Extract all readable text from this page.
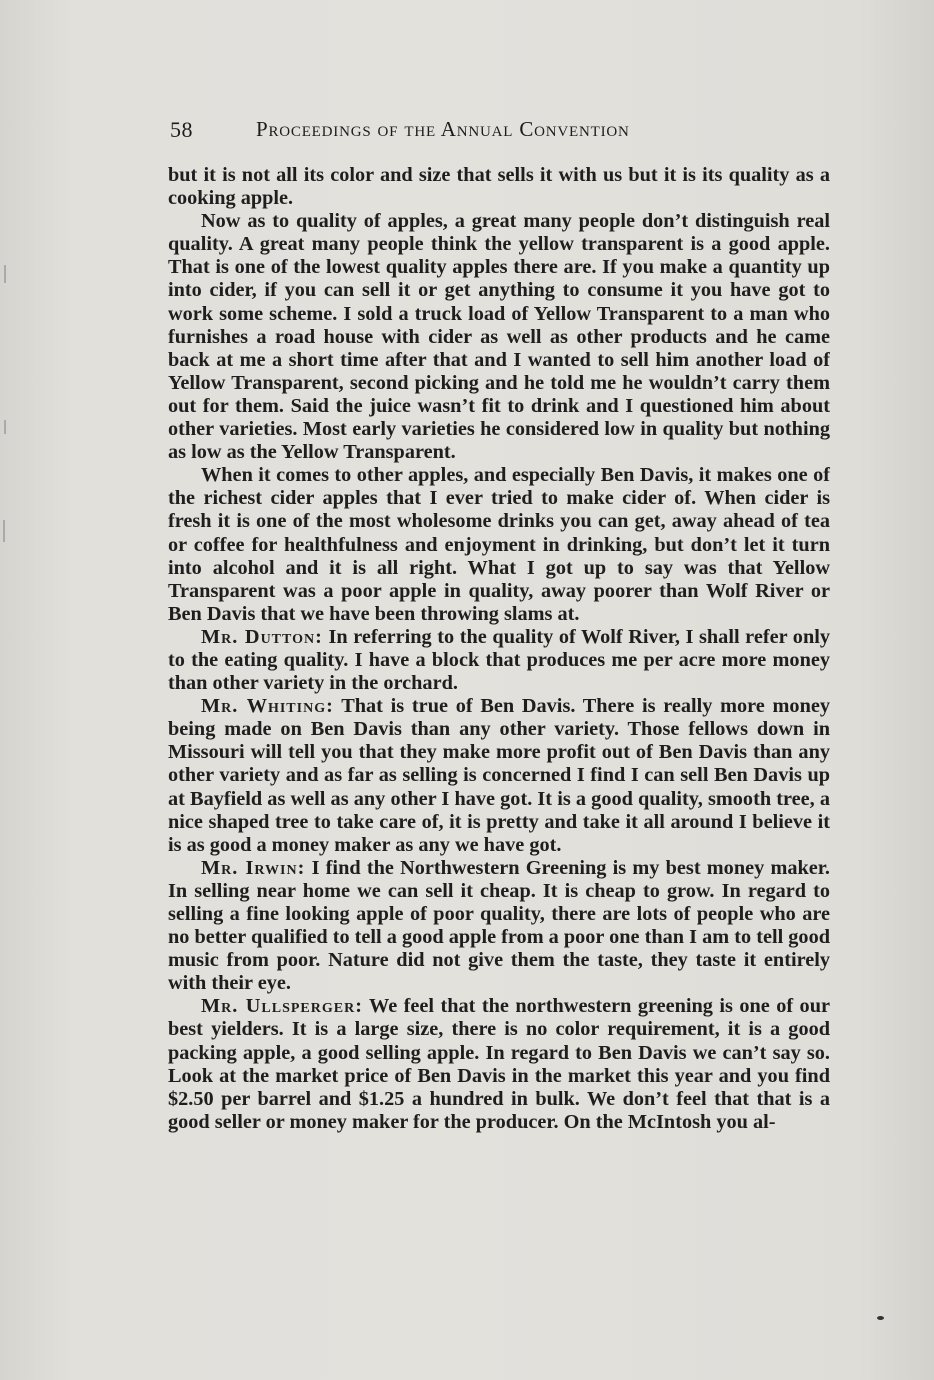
58	Proceedings of the Annual Convention

but it is not all its color and size that sells it with us but it is its quality as a cooking apple.

Now as to quality of apples, a great many people don’t distinguish real quality. A great many people think the yellow transparent is a good apple. That is one of the lowest quality apples there are. If you make a quantity up into cider, if you can sell it or get anything to consume it you have got to work some scheme. I sold a truck load of Yellow Transparent to a man who furnishes a road house with cider as well as other products and he came back at me a short time after that and I wanted to sell him another load of Yellow Transparent, second picking and he told me he wouldn’t carry them out for them. Said the juice wasn’t fit to drink and I questioned him about other varieties. Most early varieties he considered low in quality but nothing as low as the Yellow Transparent.

When it comes to other apples, and especially Ben Davis, it makes one of the richest cider apples that I ever tried to make cider of. When cider is fresh it is one of the most wholesome drinks you can get, away ahead of tea or coffee for healthfulness and enjoyment in drinking, but don’t let it turn into alcohol and it is all right. What I got up to say was that Yellow Transparent was a poor apple in quality, away poorer than Wolf River or Ben Davis that we have been throwing slams at.

Mr. Dutton: In referring to the quality of Wolf River, I shall refer only to the eating quality. I have a block that produces me per acre more money than other variety in the orchard.

Mr. Whiting: That is true of Ben Davis. There is really more money being made on Ben Davis than any other variety. Those fellows down in Missouri will tell you that they make more profit out of Ben Davis than any other variety and as far as selling is concerned I find I can sell Ben Davis up at Bayfield as well as any other I have got. It is a good quality, smooth tree, a nice shaped tree to take care of, it is pretty and take it all around I believe it is as good a money maker as any we have got.

Mr. Irwin: I find the Northwestern Greening is my best money maker. In selling near home we can sell it cheap. It is cheap to grow. In regard to selling a fine looking apple of poor quality, there are lots of people who are no better qualified to tell a good apple from a poor one than I am to tell good music from poor. Nature did not give them the taste, they taste it entirely with their eye.

Mr. Ullsperger: We feel that the northwestern greening is one of our best yielders. It is a large size, there is no color requirement, it is a good packing apple, a good selling apple. In regard to Ben Davis we can’t say so. Look at the market price of Ben Davis in the market this year and you find $2.50 per barrel and $1.25 a hundred in bulk. We don’t feel that that is a good seller or money maker for the producer. On the McIntosh you al-
